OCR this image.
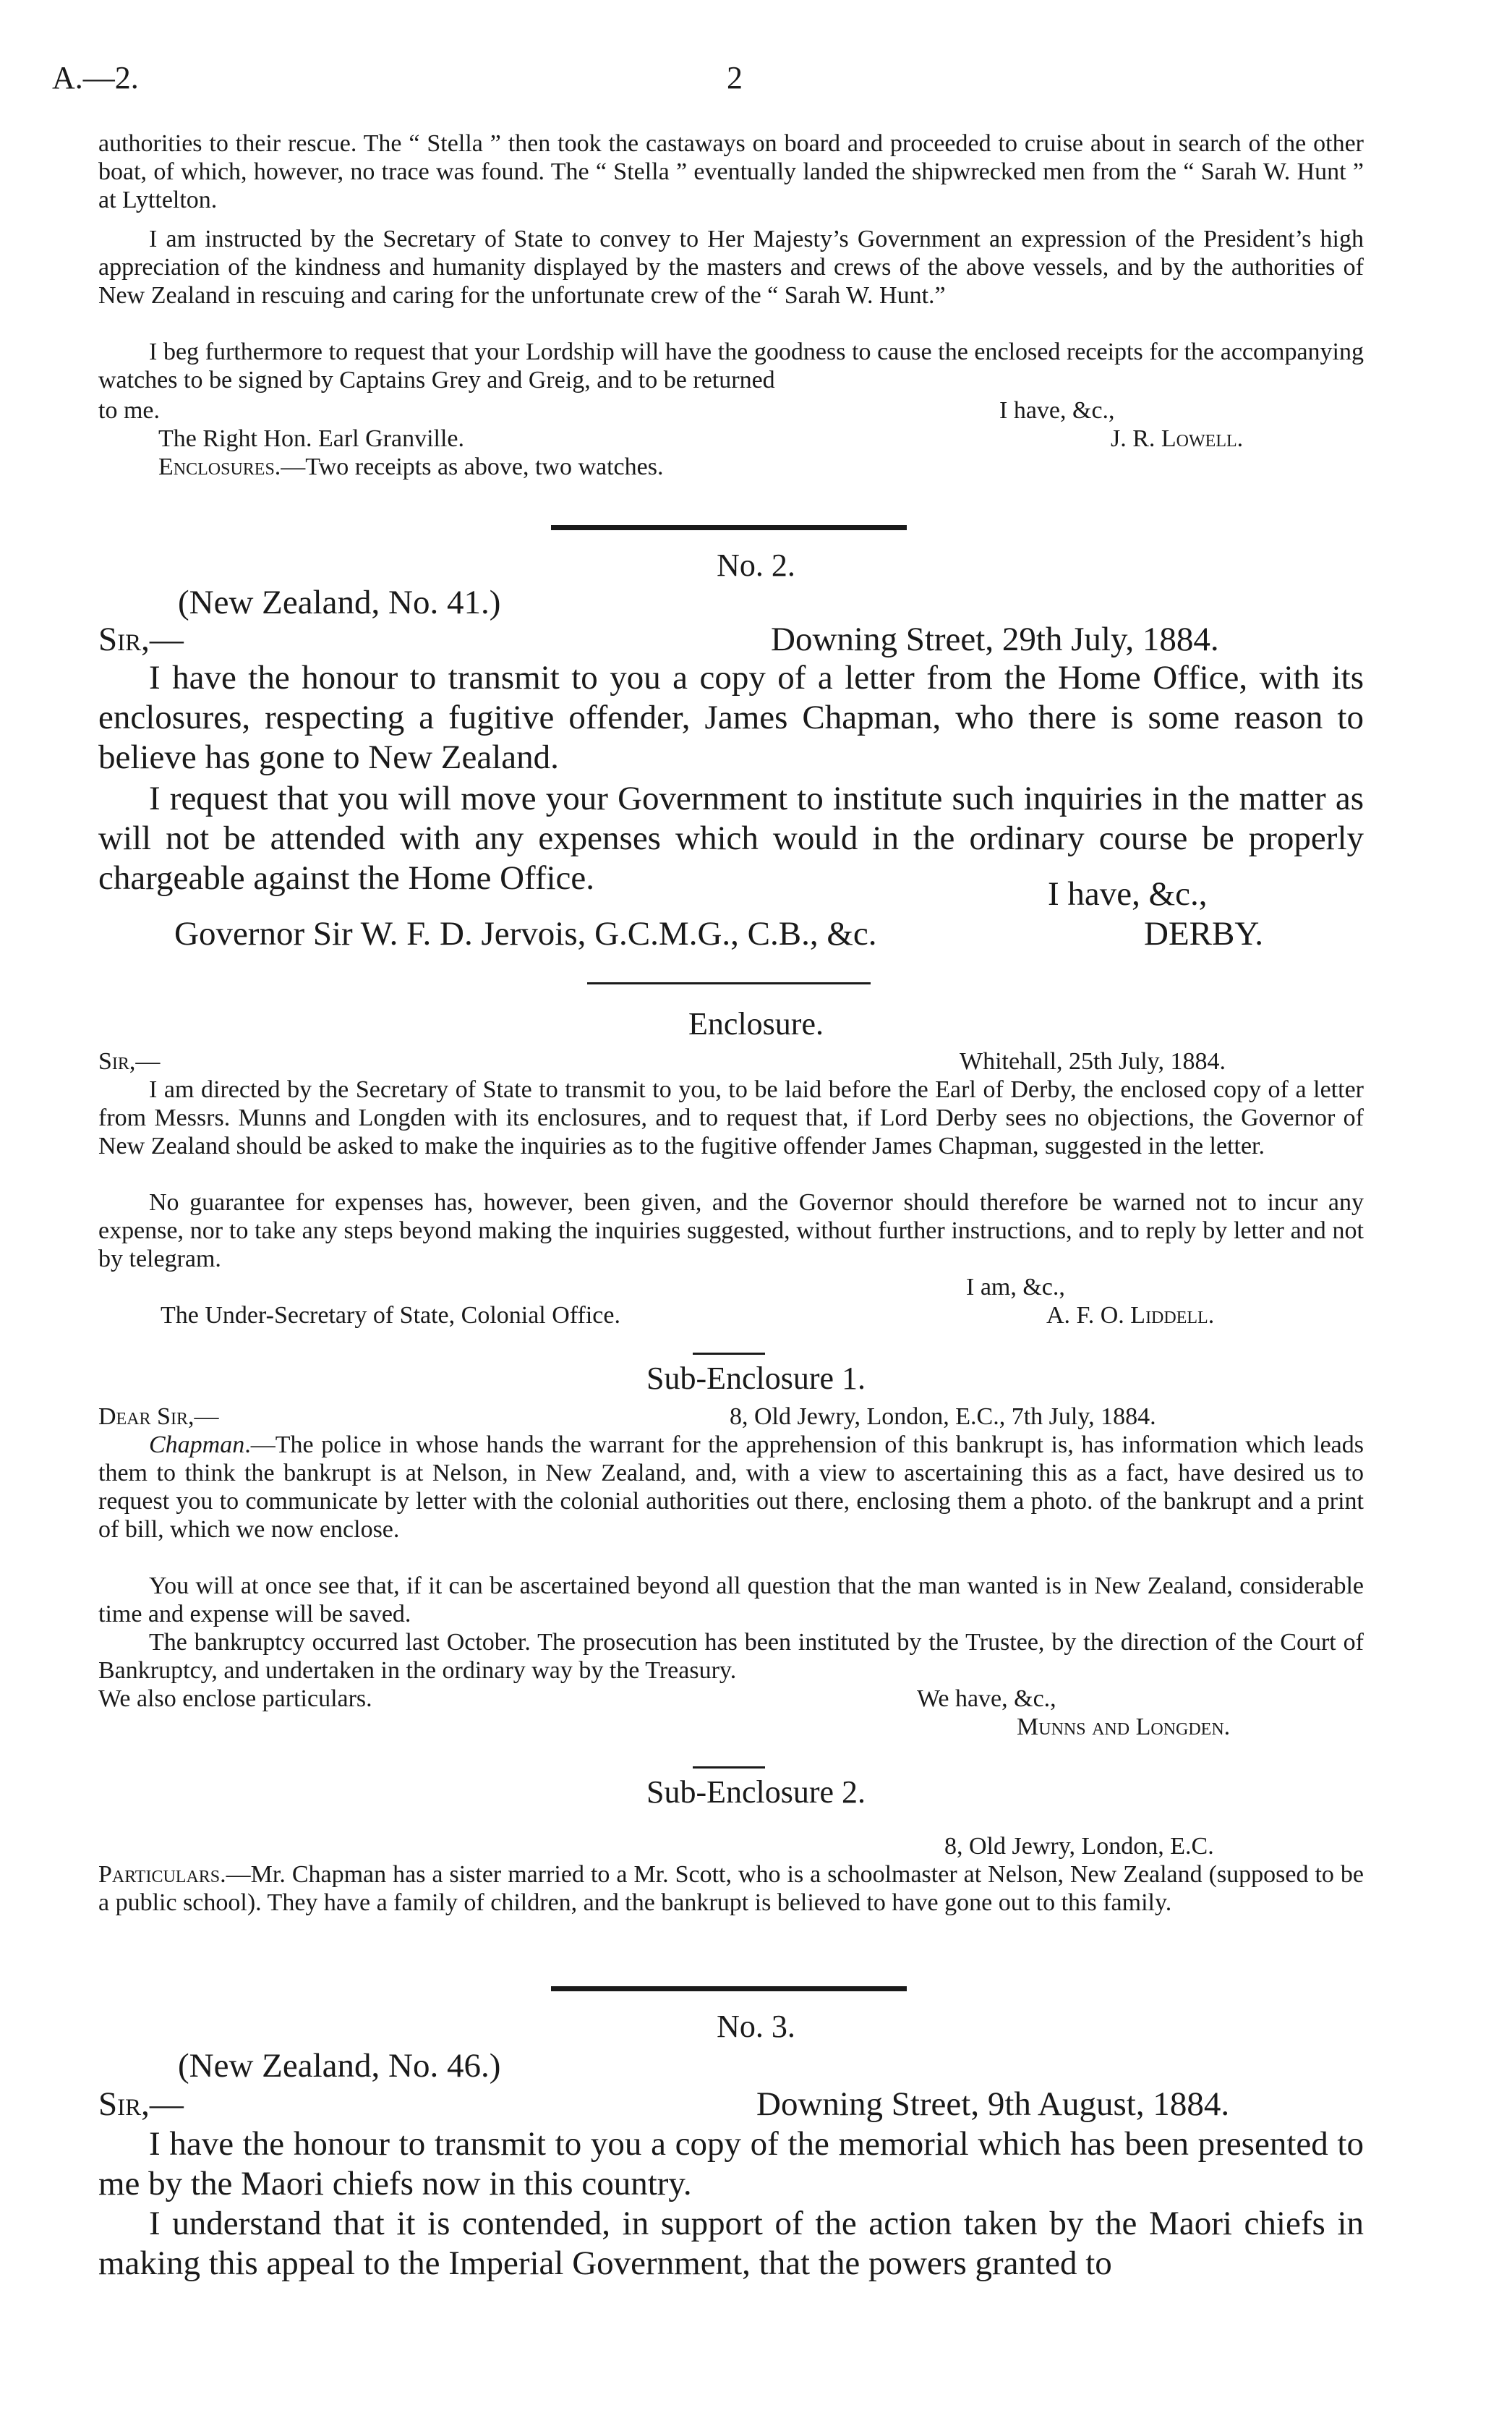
A.—2.	2

authorities to their rescue. The “ Stella ” then took the castaways on board and proceeded to cruise about in search of the other boat, of which, however, no trace was found. The “ Stella ” eventually landed the shipwrecked men from the “ Sarah W. Hunt ” at Lyttelton.

I am instructed by the Secretary of State to convey to Her Majesty’s Government an expression of the President’s high appreciation of the kindness and humanity displayed by the masters and crews of the above vessels, and by the authorities of New Zealand in rescuing and caring for the unfortunate crew of the “ Sarah W. Hunt.”

I beg furthermore to request that your Lordship will have the goodness to cause the enclosed receipts for the accompanying watches to be signed by Captains Grey and Greig, and to be returned

to me.	I have, &c.,
The Right Hon. Earl Granville.	J. R. Lowell.
Enclosures.—Two receipts as above, two watches.
No. 2.
(New Zealand, No. 41.)
Sir,—	Downing Street, 29th July, 1884.

I have the honour to transmit to you a copy of a letter from the Home Office, with its enclosures, respecting a fugitive offender, James Chapman, who there is some reason to believe has gone to New Zealand.

I request that you will move your Government to institute such inquiries in the matter as will not be attended with any expenses which would in the ordinary course be properly chargeable against the Home Office.	I have, &c.,
Governor Sir W. F. D. Jervois, G.C.M.G., C.B., &c.	DERBY.
Enclosure.
Sir,—	Whitehall, 25th July, 1884.

I am directed by the Secretary of State to transmit to you, to be laid before the Earl of Derby, the enclosed copy of a letter from Messrs. Munns and Longden with its enclosures, and to request that, if Lord Derby sees no objections, the Governor of New Zealand should be asked to make the inquiries as to the fugitive offender James Chapman, suggested in the letter.

No guarantee for expenses has, however, been given, and the Governor should therefore be warned not to incur any expense, nor to take any steps beyond making the inquiries suggested, without further instructions, and to reply by letter and not by telegram.

I am, &c.,
The Under-Secretary of State, Colonial Office.	A. F. O. Liddell.
Sub-Enclosure 1.
Dear Sir,—	8, Old Jewry, London, E.C., 7th July, 1884.

Chapman.—The police in whose hands the warrant for the apprehension of this bankrupt is, has information which leads them to think the bankrupt is at Nelson, in New Zealand, and, with a view to ascertaining this as a fact, have desired us to request you to communicate by letter with the colonial authorities out there, enclosing them a photo. of the bankrupt and a print of bill, which we now enclose.

You will at once see that, if it can be ascertained beyond all question that the man wanted is in New Zealand, considerable time and expense will be saved.

The bankruptcy occurred last October. The prosecution has been instituted by the Trustee, by the direction of the Court of Bankruptcy, and undertaken in the ordinary way by the Treasury.

We also enclose particulars.	We have, &c.,
Munns and Longden.
Sub-Enclosure 2.
8, Old Jewry, London, E.C.

Particulars.—Mr. Chapman has a sister married to a Mr. Scott, who is a schoolmaster at Nelson, New Zealand (supposed to be a public school). They have a family of children, and the bankrupt is believed to have gone out to this family.

No. 3.
(New Zealand, No. 46.)
Sir,—	Downing Street, 9th August, 1884.

I have the honour to transmit to you a copy of the memorial which has been presented to me by the Maori chiefs now in this country.

I understand that it is contended, in support of the action taken by the Maori chiefs in making this appeal to the Imperial Government, that the powers granted to
